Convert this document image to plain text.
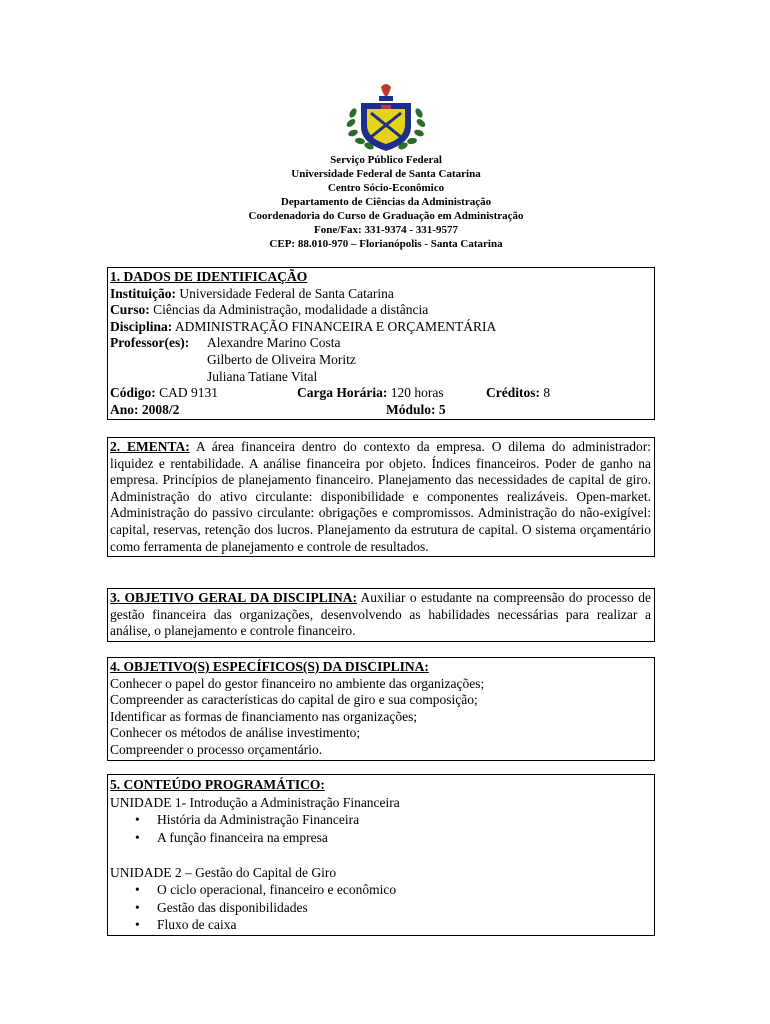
Serviço Público Federal
Universidade Federal de Santa Catarina
Centro Sócio-Econômico
Departamento de Ciências da Administração
Coordenadoria do Curso de Graduação em Administração
Fone/Fax: 331-9374 - 331-9577
CEP: 88.010-970 – Florianópolis - Santa Catarina
1. DADOS DE IDENTIFICAÇÃO
Instituição: Universidade Federal de Santa Catarina
Curso: Ciências da Administração, modalidade a distância
Disciplina: ADMINISTRAÇÃO FINANCEIRA E ORÇAMENTÁRIA
Professor(es): Alexandre Marino Costa
Gilberto de Oliveira Moritz
Juliana Tatiane Vital
Código: CAD 9131	Carga Horária: 120 horas	Créditos: 8
Ano: 2008/2	Módulo: 5
2. EMENTA: A área financeira dentro do contexto da empresa. O dilema do administrador: liquidez e rentabilidade. A análise financeira por objeto. Índices financeiros. Poder de ganho na empresa. Princípios de planejamento financeiro. Planejamento das necessidades de capital de giro. Administração do ativo circulante: disponibilidade e componentes realizáveis. Open-market. Administração do passivo circulante: obrigações e compromissos. Administração do não-exigível: capital, reservas, retenção dos lucros. Planejamento da estrutura de capital. O sistema orçamentário como ferramenta de planejamento e controle de resultados.
3. OBJETIVO GERAL DA DISCIPLINA: Auxiliar o estudante na compreensão do processo de gestão financeira das organizações, desenvolvendo as habilidades necessárias para realizar a análise, o planejamento e controle financeiro.
4. OBJETIVO(S) ESPECÍFICOS(S) DA DISCIPLINA:
Conhecer o papel do gestor financeiro no ambiente das organizações;
Compreender as características do capital de giro e sua composição;
Identificar as formas de financiamento nas organizações;
Conhecer os métodos de análise investimento;
Compreender o processo orçamentário.
5. CONTEÚDO PROGRAMÁTICO:
UNIDADE 1- Introdução a Administração Financeira
• História da Administração Financeira
• A função financeira na empresa
UNIDADE 2 – Gestão do Capital de Giro
• O ciclo operacional, financeiro e econômico
• Gestão das disponibilidades
• Fluxo de caixa
